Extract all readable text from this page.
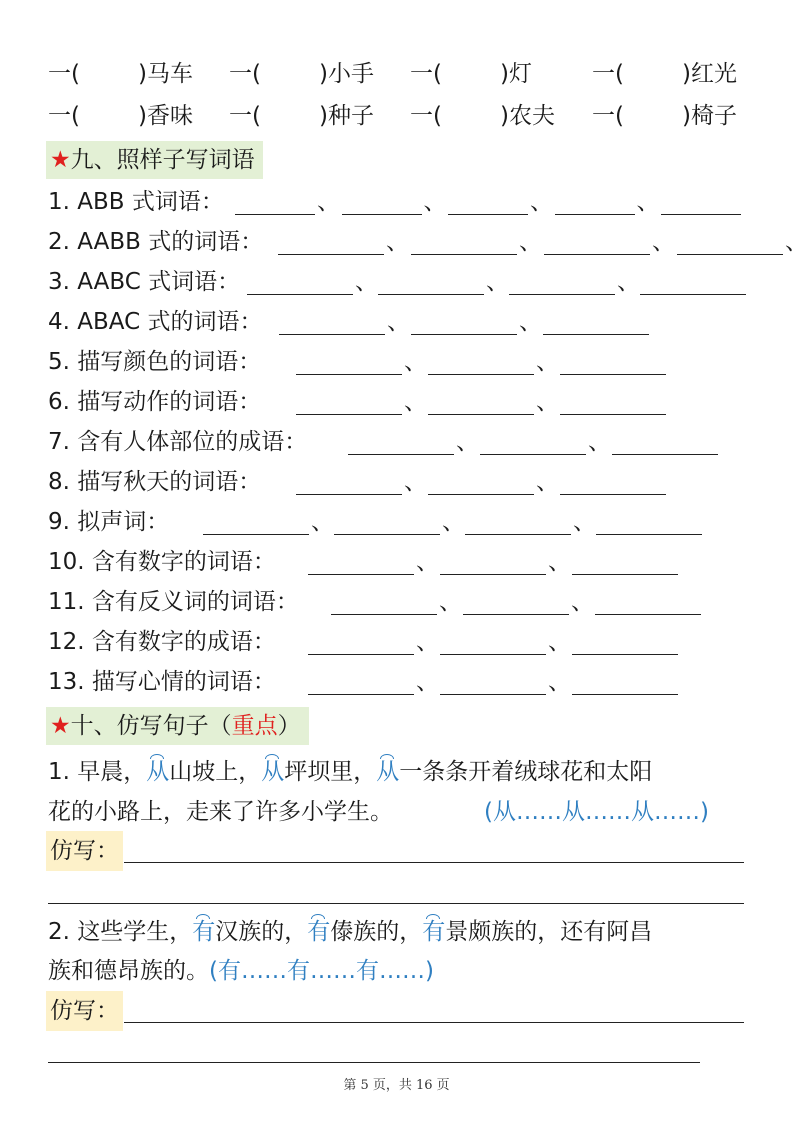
一(	)马车 一(	)小手 一(	)灯	一(	)红光
一(	)香味 一(	)种子 一(	)农夫 一(	)椅子
★九、照样子写词语
1. ABB 式词语：	、	、	、	、
2. AABB 式的词语：	、	、	、	、
3. AABC 式词语：	、	、	、
4. ABAC 式的词语：	、	、
5. 描写颜色的词语：	、	、
6. 描写动作的词语：	、	、
7. 含有人体部位的成语：	、	、
8. 描写秋天的词语：	、	、
9. 拟声词：	、	、	、
10. 含有数字的词语：	、	、
11. 含有反义词的词语：	、	、
12. 含有数字的成语：	、	、
13. 描写心情的词语：	、	、
★十、仿写句子（重点）
1. 早晨，从山坡上，从坪坝里，从一条条开着绒球花和太阳
花的小路上，走来了许多小学生。	(从……从……从……)
仿写：
2. 这些学生，有汉族的，有傣族的，有景颇族的，还有阿昌
族和德昂族的。(有……有……有……)
仿写：
第 5 页，共 16 页
